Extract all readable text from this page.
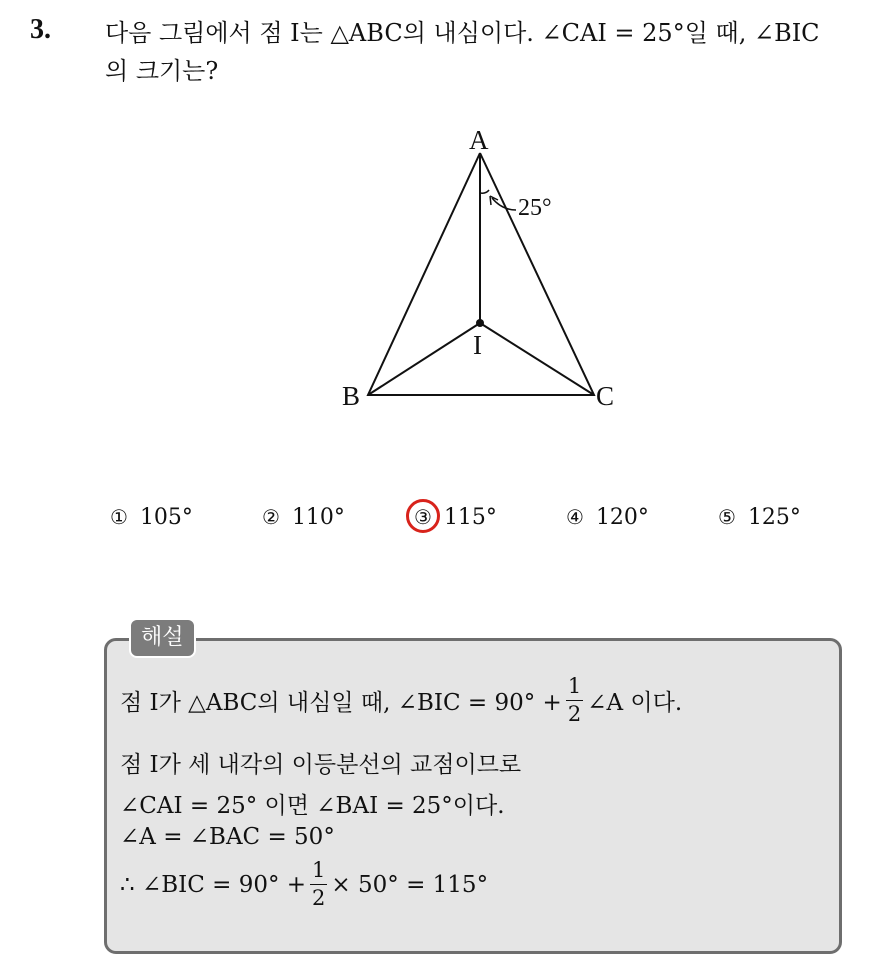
3. 다음 그림에서 점 I는 △ABC의 내심이다. ∠CAI = 25°일 때, ∠BIC
의 크기는?
A
B	C
I
25°
① 105°	② 110°	③ 115°	④ 120°	⑤ 125°
해설
점 I가 △ABC의 내심일 때, ∠BIC = $90^\circ + \frac{1}{2}$ ∠A 이다.
점 I가 세 내각의 이등분선의 교점이므로
∠CAI = 25° 이면 ∠BAI = 25°이다.
∠A = ∠BAC = 50°
∴ ∠BIC = $90^\circ + \frac{1}{2} \times 50^\circ = 115^\circ$
